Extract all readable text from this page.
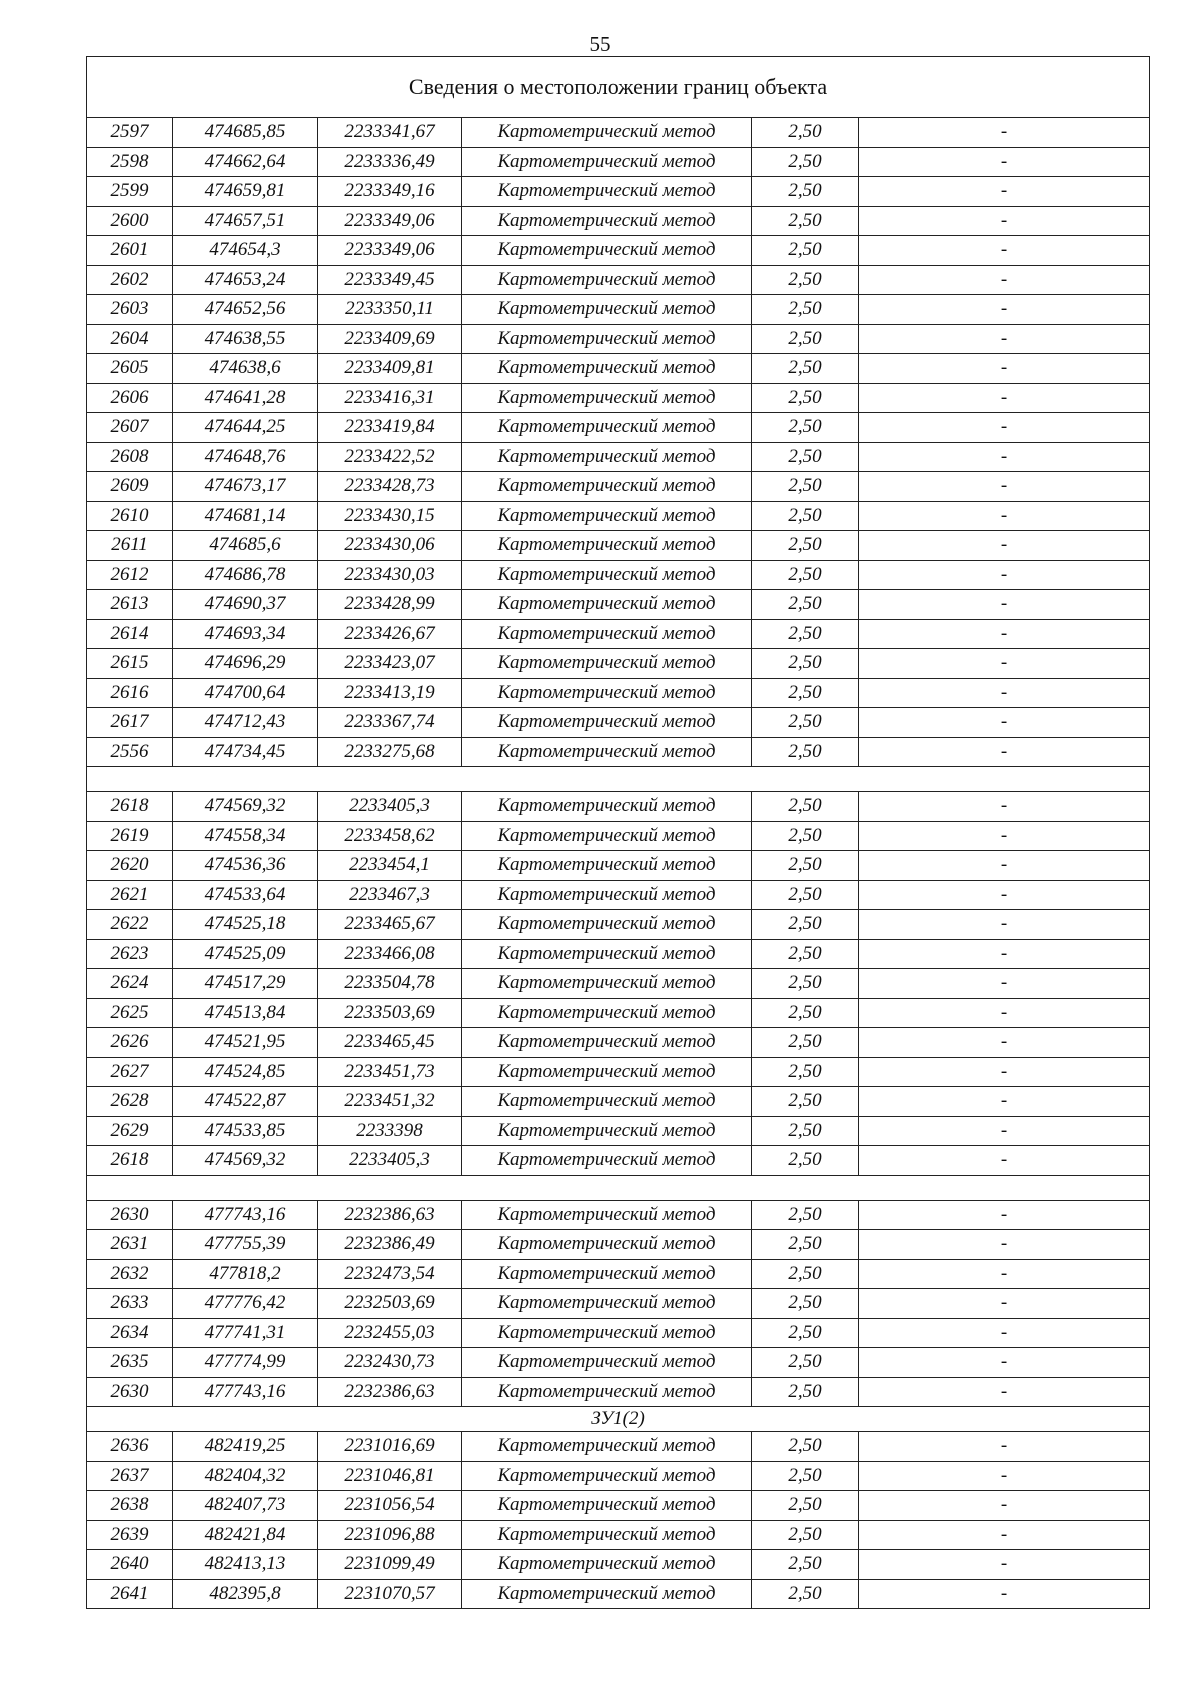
55
Сведения о местоположении границ объекта					
2597	474685,85	2233341,67	Картометрический метод	2,50	-
2598	474662,64	2233336,49	Картометрический метод	2,50	-
2599	474659,81	2233349,16	Картометрический метод	2,50	-
2600	474657,51	2233349,06	Картометрический метод	2,50	-
2601	474654,3	2233349,06	Картометрический метод	2,50	-
2602	474653,24	2233349,45	Картометрический метод	2,50	-
2603	474652,56	2233350,11	Картометрический метод	2,50	-
2604	474638,55	2233409,69	Картометрический метод	2,50	-
2605	474638,6	2233409,81	Картометрический метод	2,50	-
2606	474641,28	2233416,31	Картометрический метод	2,50	-
2607	474644,25	2233419,84	Картометрический метод	2,50	-
2608	474648,76	2233422,52	Картометрический метод	2,50	-
2609	474673,17	2233428,73	Картометрический метод	2,50	-
2610	474681,14	2233430,15	Картометрический метод	2,50	-
2611	474685,6	2233430,06	Картометрический метод	2,50	-
2612	474686,78	2233430,03	Картометрический метод	2,50	-
2613	474690,37	2233428,99	Картометрический метод	2,50	-
2614	474693,34	2233426,67	Картометрический метод	2,50	-
2615	474696,29	2233423,07	Картометрический метод	2,50	-
2616	474700,64	2233413,19	Картометрический метод	2,50	-
2617	474712,43	2233367,74	Картометрический метод	2,50	-
2556	474734,45	2233275,68	Картометрический метод	2,50	-

2618	474569,32	2233405,3	Картометрический метод	2,50	-
2619	474558,34	2233458,62	Картометрический метод	2,50	-
2620	474536,36	2233454,1	Картометрический метод	2,50	-
2621	474533,64	2233467,3	Картометрический метод	2,50	-
2622	474525,18	2233465,67	Картометрический метод	2,50	-
2623	474525,09	2233466,08	Картометрический метод	2,50	-
2624	474517,29	2233504,78	Картометрический метод	2,50	-
2625	474513,84	2233503,69	Картометрический метод	2,50	-
2626	474521,95	2233465,45	Картометрический метод	2,50	-
2627	474524,85	2233451,73	Картометрический метод	2,50	-
2628	474522,87	2233451,32	Картометрический метод	2,50	-
2629	474533,85	2233398	Картометрический метод	2,50	-
2618	474569,32	2233405,3	Картометрический метод	2,50	-

2630	477743,16	2232386,63	Картометрический метод	2,50	-
2631	477755,39	2232386,49	Картометрический метод	2,50	-
2632	477818,2	2232473,54	Картометрический метод	2,50	-
2633	477776,42	2232503,69	Картометрический метод	2,50	-
2634	477741,31	2232455,03	Картометрический метод	2,50	-
2635	477774,99	2232430,73	Картометрический метод	2,50	-
2630	477743,16	2232386,63	Картометрический метод	2,50	-
ЗУ1(2)					
2636	482419,25	2231016,69	Картометрический метод	2,50	-
2637	482404,32	2231046,81	Картометрический метод	2,50	-
2638	482407,73	2231056,54	Картометрический метод	2,50	-
2639	482421,84	2231096,88	Картометрический метод	2,50	-
2640	482413,13	2231099,49	Картометрический метод	2,50	-
2641	482395,8	2231070,57	Картометрический метод	2,50	-
